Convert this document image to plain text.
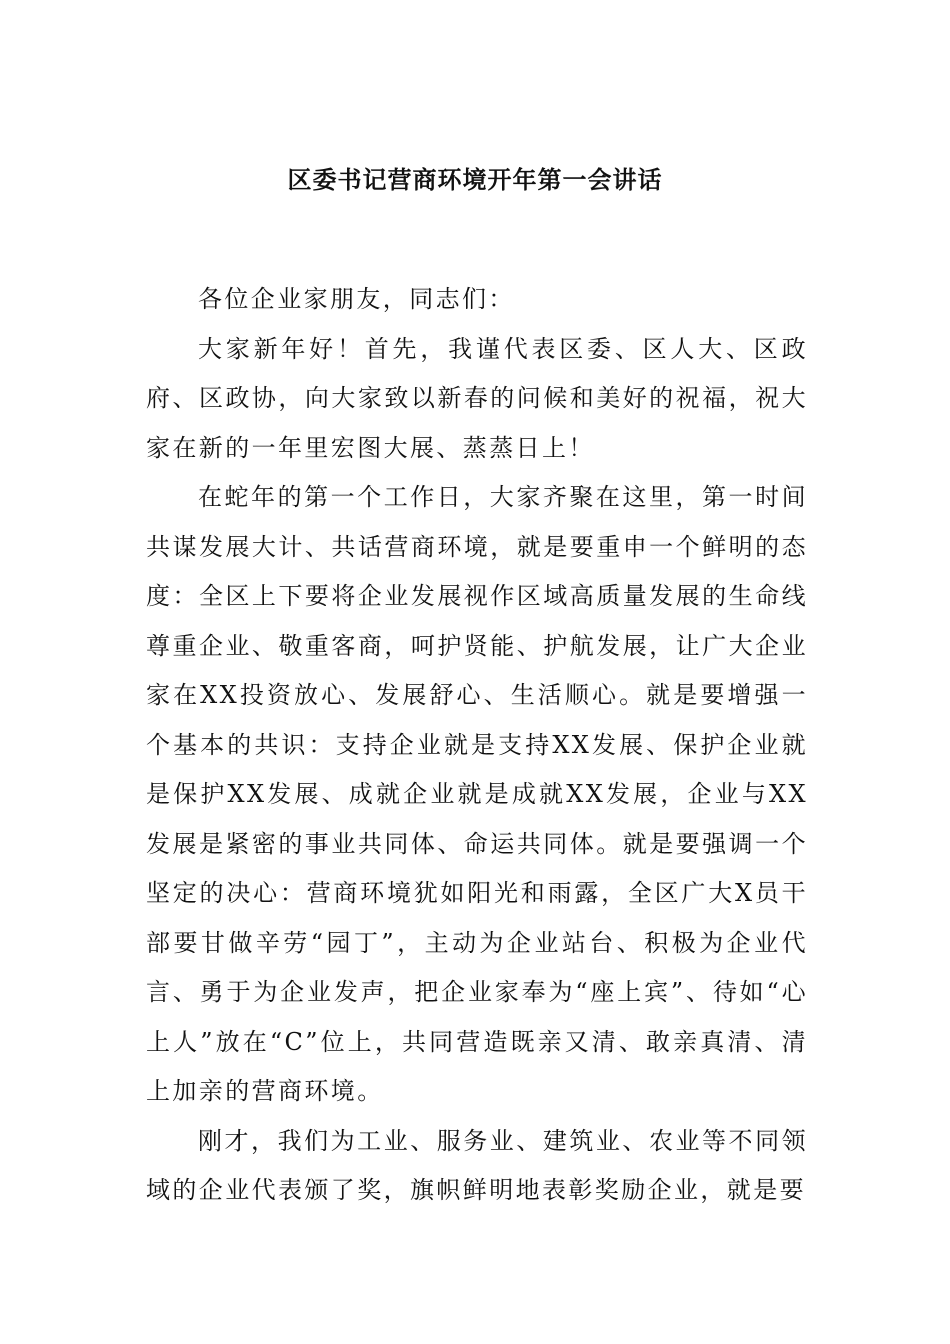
区委书记营商环境开年第一会讲话

各位企业家朋友，同志们：

大家新年好！首先，我谨代表区委、区人大、区政府、区政协，向大家致以新春的问候和美好的祝福，祝大家在新的一年里宏图大展、蒸蒸日上！

在蛇年的第一个工作日，大家齐聚在这里，第一时间共谋发展大计、共话营商环境，就是要重申一个鲜明的态度：全区上下要将企业发展视作区域高质量发展的生命线尊重企业、敬重客商，呵护贤能、护航发展，让广大企业家在XX投资放心、发展舒心、生活顺心。就是要增强一个基本的共识：支持企业就是支持XX发展、保护企业就是保护XX发展、成就企业就是成就XX发展，企业与XX发展是紧密的事业共同体、命运共同体。就是要强调一个坚定的决心：营商环境犹如阳光和雨露，全区广大X员干部要甘做辛劳“园丁”，主动为企业站台、积极为企业代言、勇于为企业发声，把企业家奉为“座上宾”、待如“心上人”放在“C”位上，共同营造既亲又清、敢亲真清、清上加亲的营商环境。

刚才，我们为工业、服务业、建筑业、农业等不同领域的企业代表颁了奖，旗帜鲜明地表彰奖励企业，就是要
